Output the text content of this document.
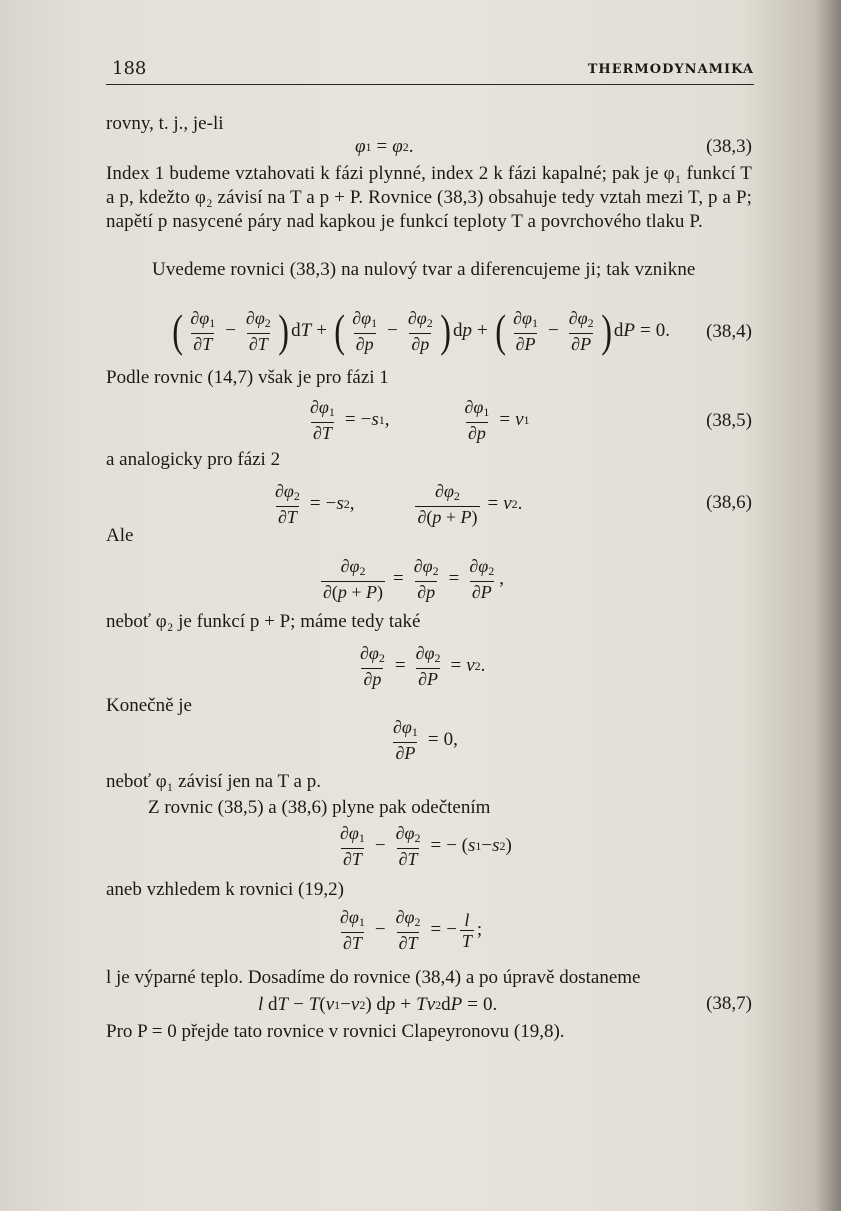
188	THERMODYNAMIKA
rovny, t. j., je-li
φ 1 = φ 2 .	(38,3)

Index 1 budeme vztahovati k fázi plynné, index 2 k fázi kapalné; pak je φ₁ funkcí T a p, kdežto φ₂ závisí na T a p + P. Rovnice (38,3) obsahuje tedy vztah mezi T, p a P; napětí p nasycené páry nad kapkou je funkcí teploty T a povrchového tlaku P.

Uvedeme rovnici (38,3) na nulový tvar a diferencujeme ji; tak vznikne

( $\frac{\partial\varphi_1}{\partial T} - \frac{\partial\varphi_2}{\partial T}$ ) d T + ( $\frac{\partial\varphi_1}{\partial p} - \frac{\partial\varphi_2}{\partial p}$ ) d p + ( $\frac{\partial\varphi_1}{\partial P} - \frac{\partial\varphi_2}{\partial P}$ ) d P = 0. (38,4)
Podle rovnic (14,7) však je pro fázi 1
$\frac{\partial\varphi_1}{\partial T}$ = − s 1 ,	$\frac{\partial\varphi_1}{\partial p} = v$ 1	(38,5)
a analogicky pro fázi 2
$\frac{\partial\varphi_2}{\partial T}$ = − s 2 ,	$\frac{\partial\varphi_2}{\partial(p + P)} = v$ 2 .	(38,6)
Ale
$\frac{\partial\varphi_2}{\partial(p + P)} = \frac{\partial\varphi_2}{\partial p} = \frac{\partial\varphi_2}{\partial P}$ ,
neboť φ₂ je funkcí p + P; máme tedy také
$\frac{\partial\varphi_2}{\partial p} = \frac{\partial\varphi_2}{\partial P} = v$ 2 .
Konečně je
$\frac{\partial\varphi_1}{\partial P} = 0$,
neboť φ₁ závisí jen na T a p.
Z rovnic (38,5) a (38,6) plyne pak odečtením
$\frac{\partial\varphi_1}{\partial T} - \frac{\partial\varphi_2}{\partial T}$ = − ( s 1 − s 2 )
aneb vzhledem k rovnici (19,2)
$\frac{\partial\varphi_1}{\partial T} - \frac{\partial\varphi_2}{\partial T}$ = − $\frac{l}{T}$ ;
l je výparné teplo. Dosadíme do rovnice (38,4) a po úpravě dostaneme
l d T − T ( v 1 − v 2 ) d p + Tv 2 d P = 0.	(38,7)
Pro P = 0 přejde tato rovnice v rovnici Clapeyronovu (19,8).
